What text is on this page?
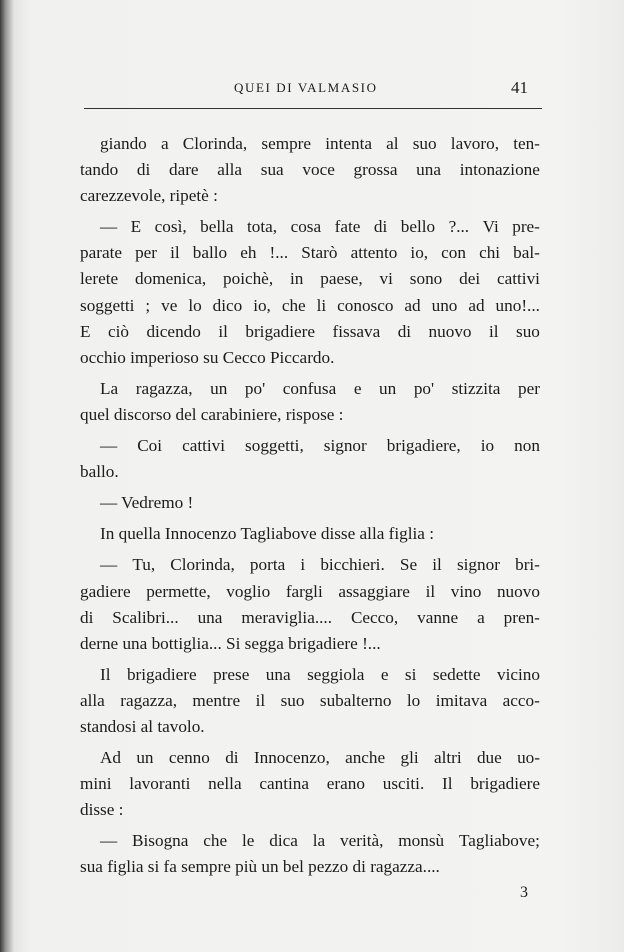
QUEI DI VALMASIO	41
giando a Clorinda, sempre intenta al suo lavoro, ten-
tando di dare alla sua voce grossa una intonazione
carezzevole, ripetè :
— E così, bella tota, cosa fate di bello ?... Vi pre-
parate per il ballo eh !... Starò attento io, con chi bal-
lerete domenica, poichè, in paese, vi sono dei cattivi
soggetti ; ve lo dico io, che li conosco ad uno ad uno!...
E ciò dicendo il brigadiere fissava di nuovo il suo
occhio imperioso su Cecco Piccardo.
La ragazza, un po' confusa e un po' stizzita per
quel discorso del carabiniere, rispose :
— Coi cattivi soggetti, signor brigadiere, io non
ballo.
— Vedremo !
In quella Innocenzo Tagliabove disse alla figlia :
— Tu, Clorinda, porta i bicchieri. Se il signor bri-
gadiere permette, voglio fargli assaggiare il vino nuovo
di Scalibri... una meraviglia.... Cecco, vanne a pren-
derne una bottiglia... Si segga brigadiere !...
Il brigadiere prese una seggiola e si sedette vicino
alla ragazza, mentre il suo subalterno lo imitava acco-
standosi al tavolo.
Ad un cenno di Innocenzo, anche gli altri due uo-
mini lavoranti nella cantina erano usciti. Il brigadiere
disse :
— Bisogna che le dica la verità, monsù Tagliabove;
sua figlia si fa sempre più un bel pezzo di ragazza....
3
